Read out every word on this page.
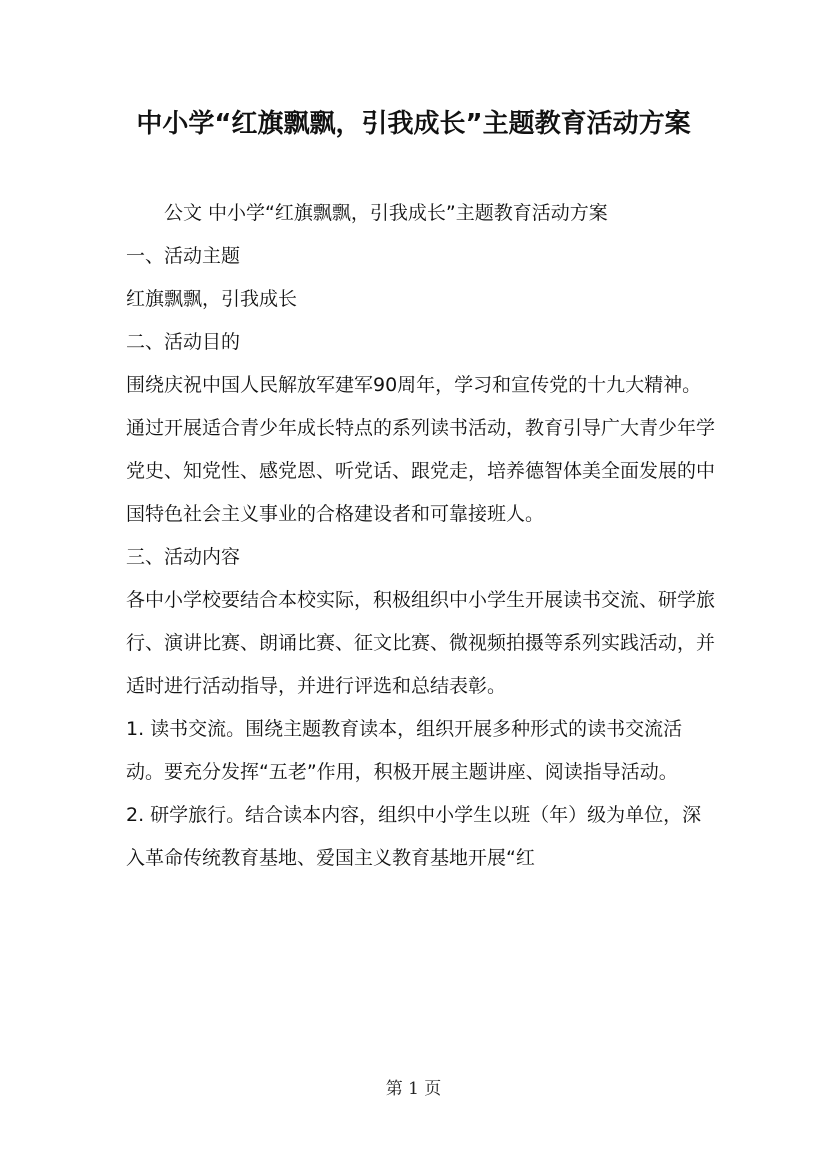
中小学“红旗飘飘，引我成长”主题教育活动方案

公文 中小学“红旗飘飘，引我成长”主题教育活动方案

一、活动主题

红旗飘飘，引我成长

二、活动目的

围绕庆祝中国人民解放军建军90周年，学习和宣传党的十九大精神。通过开展适合青少年成长特点的系列读书活动，教育引导广大青少年学党史、知党性、感党恩、听党话、跟党走，培养德智体美全面发展的中国特色社会主义事业的合格建设者和可靠接班人。

三、活动内容

各中小学校要结合本校实际，积极组织中小学生开展读书交流、研学旅行、演讲比赛、朗诵比赛、征文比赛、微视频拍摄等系列实践活动，并适时进行活动指导，并进行评选和总结表彰。

1. 读书交流。围绕主题教育读本，组织开展多种形式的读书交流活动。要充分发挥“五老”作用，积极开展主题讲座、阅读指导活动。

2. 研学旅行。结合读本内容，组织中小学生以班（年）级为单位，深入革命传统教育基地、爱国主义教育基地开展“红

第 1 页
